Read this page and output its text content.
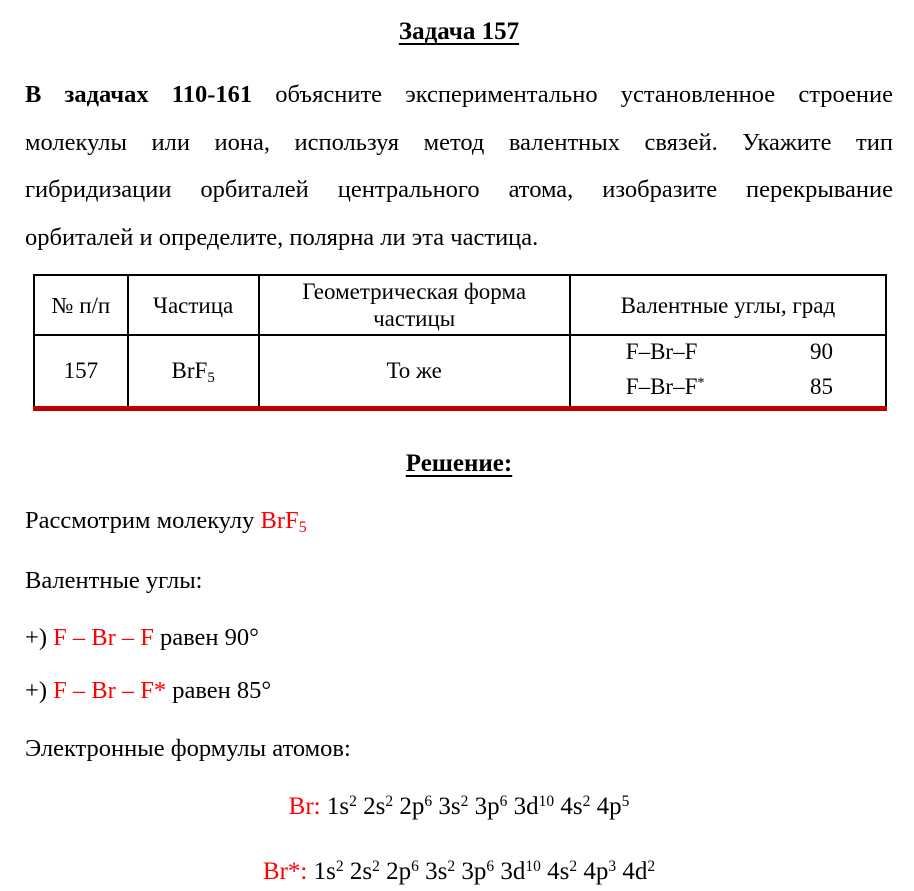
Задача 157
В задачах 110-161 объясните экспериментально установленное строение
молекулы или иона, используя метод валентных связей. Укажите тип
гибридизации орбиталей центрального атома, изобразите перекрывание
орбиталей и определите, полярна ли эта частица.
№ п/п	Частица	Геометрическая форма частицы	Валентные углы, град
157	BrF$_5$	То же	F–Br–F 90
F–Br–F* 85
Решение:
Рассмотрим молекулу BrF$_5$
Валентные углы:
+) F – Br – F равен 90°
+) F – Br – F* равен 85°
Электронные формулы атомов:
Br: $1s^2$ $2s^2$ $2p^6$ $3s^2$ $3p^6$ $3d^{10}$ $4s^2$ $4p^5$
Br*: $1s^2$ $2s^2$ $2p^6$ $3s^2$ $3p^6$ $3d^{10}$ $4s^2$ $4p^3$ $4d^2$
